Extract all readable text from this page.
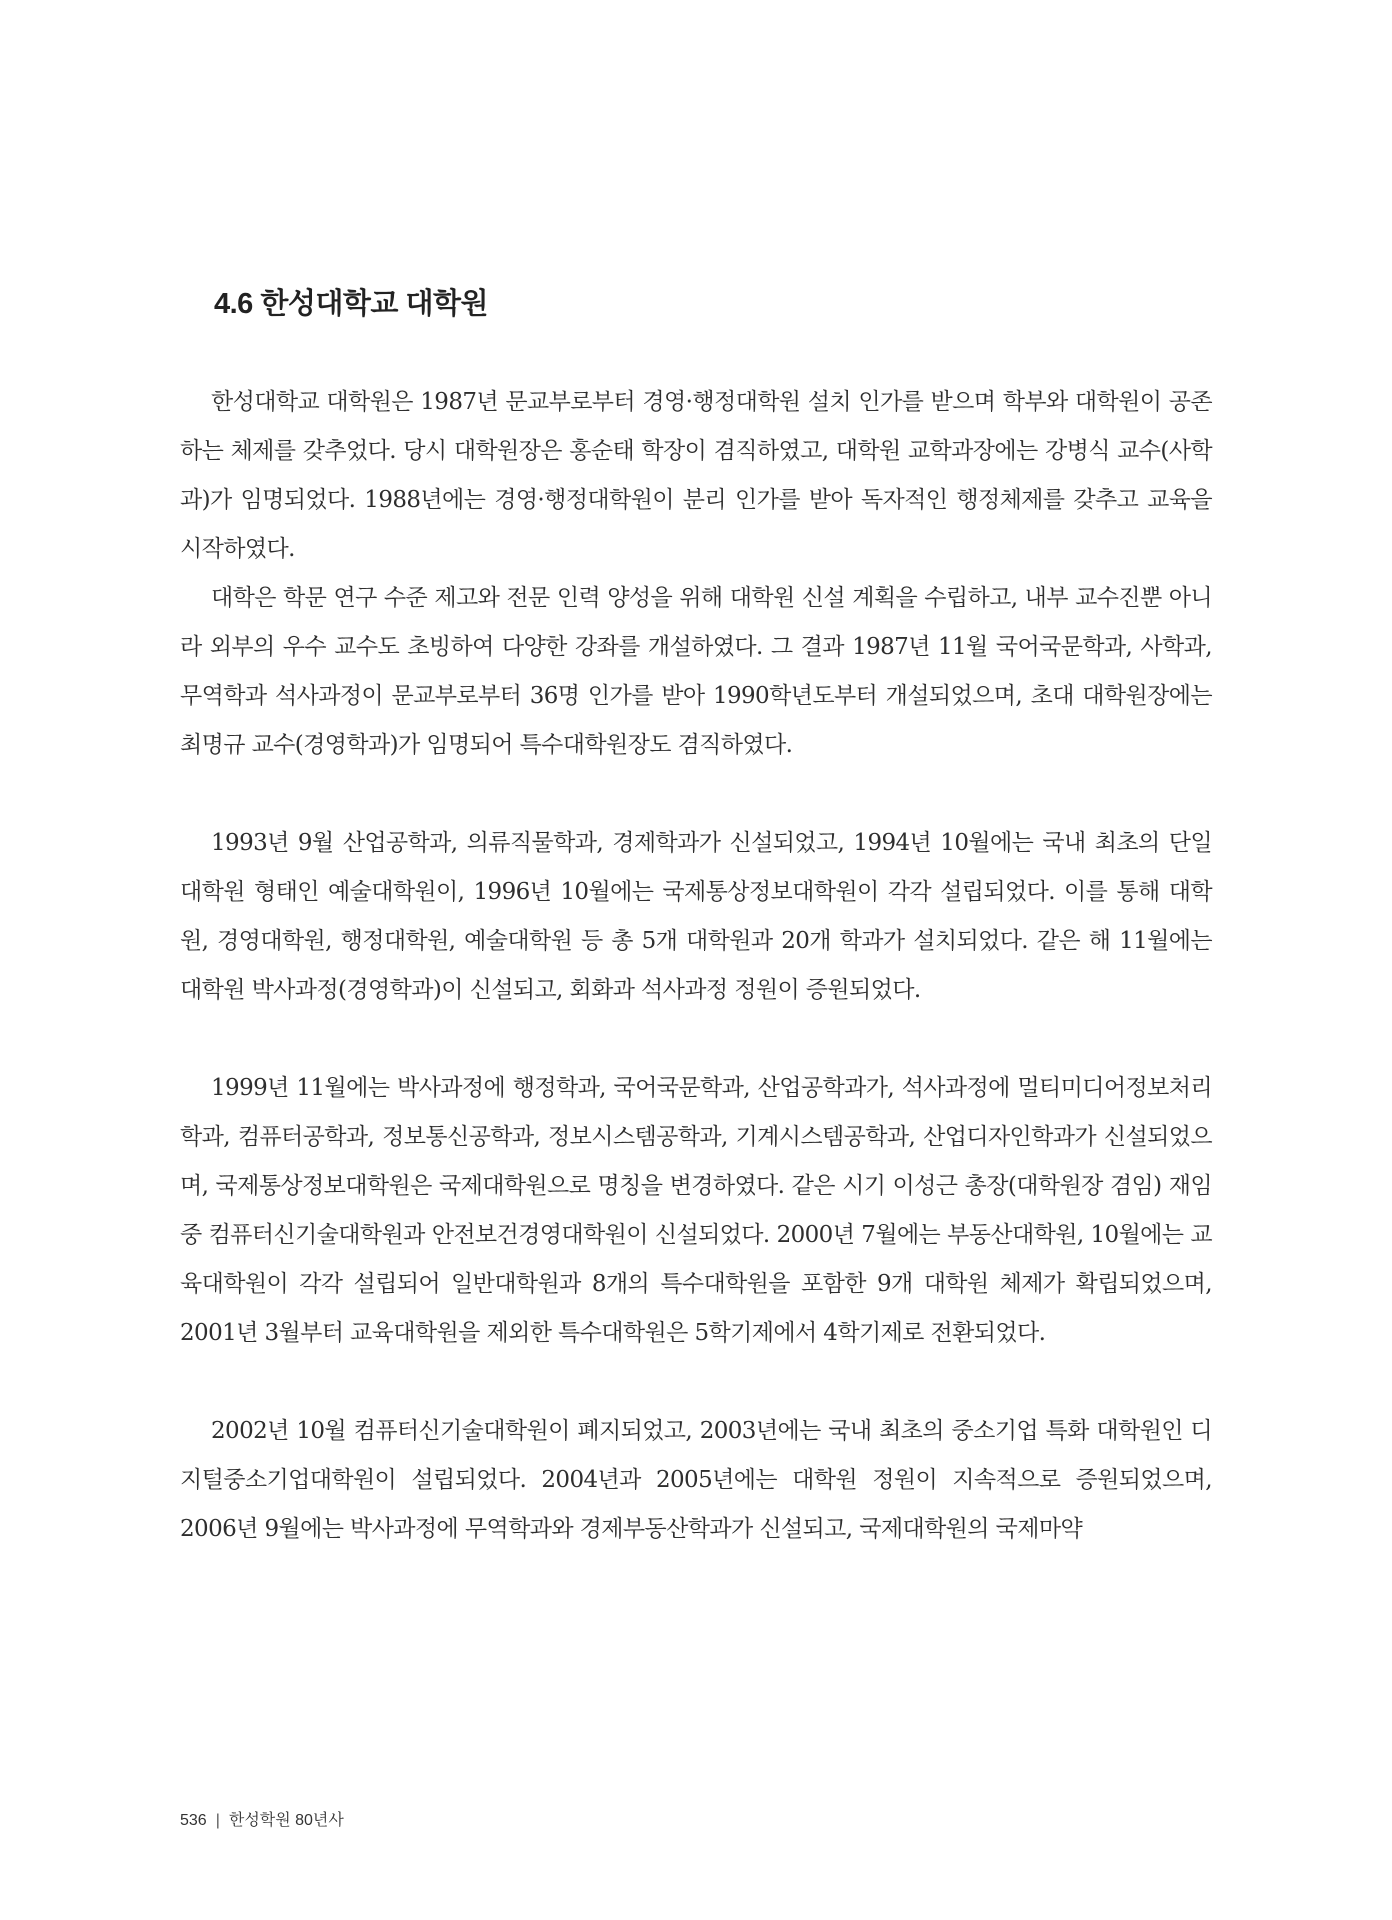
4.6 한성대학교 대학원

한성대학교 대학원은 1987년 문교부로부터 경영·행정대학원 설치 인가를 받으며 학부와 대학원이 공존하는 체제를 갖추었다. 당시 대학원장은 홍순태 학장이 겸직하였고, 대학원 교학과장에는 강병식 교수(사학과)가 임명되었다. 1988년에는 경영·행정대학원이 분리 인가를 받아 독자적인 행정체제를 갖추고 교육을 시작하였다.

대학은 학문 연구 수준 제고와 전문 인력 양성을 위해 대학원 신설 계획을 수립하고, 내부 교수진뿐 아니라 외부의 우수 교수도 초빙하여 다양한 강좌를 개설하였다. 그 결과 1987년 11월 국어국문학과, 사학과, 무역학과 석사과정이 문교부로부터 36명 인가를 받아 1990학년도부터 개설되었으며, 초대 대학원장에는 최명규 교수(경영학과)가 임명되어 특수대학원장도 겸직하였다.

1993년 9월 산업공학과, 의류직물학과, 경제학과가 신설되었고, 1994년 10월에는 국내 최초의 단일 대학원 형태인 예술대학원이, 1996년 10월에는 국제통상정보대학원이 각각 설립되었다. 이를 통해 대학원, 경영대학원, 행정대학원, 예술대학원 등 총 5개 대학원과 20개 학과가 설치되었다. 같은 해 11월에는 대학원 박사과정(경영학과)이 신설되고, 회화과 석사과정 정원이 증원되었다.

1999년 11월에는 박사과정에 행정학과, 국어국문학과, 산업공학과가, 석사과정에 멀티미디어정보처리학과, 컴퓨터공학과, 정보통신공학과, 정보시스템공학과, 기계시스템공학과, 산업디자인학과가 신설되었으며, 국제통상정보대학원은 국제대학원으로 명칭을 변경하였다. 같은 시기 이성근 총장(대학원장 겸임) 재임 중 컴퓨터신기술대학원과 안전보건경영대학원이 신설되었다. 2000년 7월에는 부동산대학원, 10월에는 교육대학원이 각각 설립되어 일반대학원과 8개의 특수대학원을 포함한 9개 대학원 체제가 확립되었으며, 2001년 3월부터 교육대학원을 제외한 특수대학원은 5학기제에서 4학기제로 전환되었다.

2002년 10월 컴퓨터신기술대학원이 폐지되었고, 2003년에는 국내 최초의 중소기업 특화 대학원인 디지털중소기업대학원이 설립되었다. 2004년과 2005년에는 대학원 정원이 지속적으로 증원되었으며, 2006년 9월에는 박사과정에 무역학과와 경제부동산학과가 신설되고, 국제대학원의 국제마약

536 | 한성학원 80년사
